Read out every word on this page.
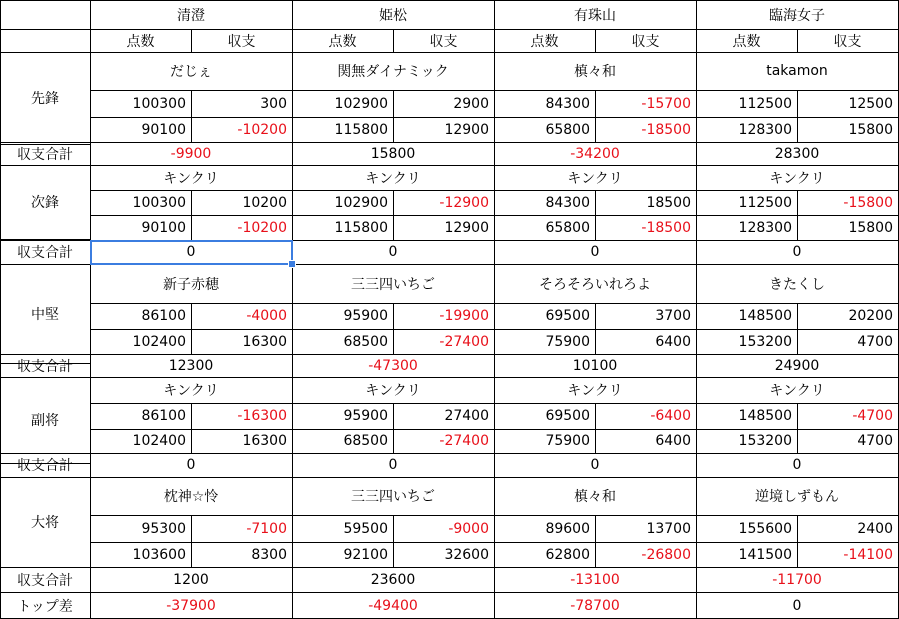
清澄	姫松	有珠山	臨海女子
点数	収支	点数	収支	点数	収支	点数	収支
先鋒
だじぇ	関無ダイナミック	槙々和	takamon
100300	300	102900	2900	84300	-15700	112500	12500
90100	-10200	115800	12900	65800	-18500	128300	15800
収支合計	-9900	15800	-34200	28300
次鋒
キンクリ	キンクリ	キンクリ	キンクリ
100300	10200	102900	-12900	84300	18500	112500	-15800
90100	-10200	115800	12900	65800	-18500	128300	15800
収支合計	0	0	0	0
中堅
新子赤穂	三三四いちご	そろそろいれろよ	きたくし
86100	-4000	95900	-19900	69500	3700	148500	20200
102400	16300	68500	-27400	75900	6400	153200	4700
収支合計	12300	-47300	10100	24900
副将
キンクリ	キンクリ	キンクリ	キンクリ
86100	-16300	95900	27400	69500	-6400	148500	-4700
102400	16300	68500	-27400	75900	6400	153200	4700
収支合計	0	0	0	0
大将
枕神☆怜	三三四いちご	槙々和	逆境しずもん
95300	-7100	59500	-9000	89600	13700	155600	2400
103600	8300	92100	32600	62800	-26800	141500	-14100
収支合計	1200	23600	-13100	-11700
トップ差	-37900	-49400	-78700	0
